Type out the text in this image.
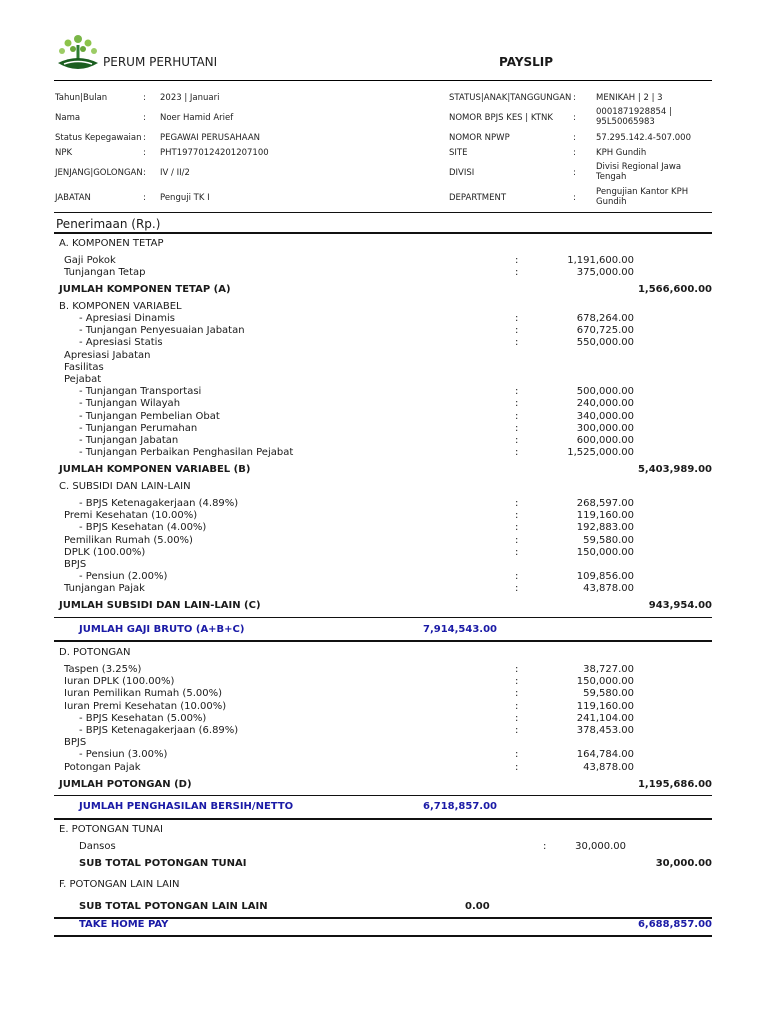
PERUM PERHUTANI	PAYSLIP
Tahun|Bulan	: 2023 | Januari
Nama	: Noer Hamid Arief
Status Kepegawaian : PEGAWAI PERUSAHAAN
NPK	: PHT19770124201207100
JENJANG|GOLONGAN : IV / II/2
JABATAN	: Penguji TK I
STATUS|ANAK|TANGGUNGAN : MENIKAH | 2 | 3
NOMOR BPJS KES | KTNK :
0001871928854 | 95L50065983
NOMOR NPWP	: 57.295.142.4-507.000
SITE	: KPH Gundih
DIVISI	:
Divisi Regional Jawa Tengah
DEPARTMENT	:
Pengujian Kantor KPH Gundih
Penerimaan (Rp.)
A. KOMPONEN TETAP
Gaji Pokok	:	1,191,600.00
Tunjangan Tetap	:	375,000.00
JUMLAH KOMPONEN TETAP (A)	1,566,600.00
B. KOMPONEN VARIABEL
- Apresiasi Dinamis	:	678,264.00
- Tunjangan Penyesuaian Jabatan	:	670,725.00
- Apresiasi Statis	:	550,000.00
Apresiasi Jabatan
Fasilitas
Pejabat
- Tunjangan Transportasi	:	500,000.00
- Tunjangan Wilayah	:	240,000.00
- Tunjangan Pembelian Obat	:	340,000.00
- Tunjangan Perumahan	:	300,000.00
- Tunjangan Jabatan	:	600,000.00
- Tunjangan Perbaikan Penghasilan Pejabat	:	1,525,000.00
JUMLAH KOMPONEN VARIABEL (B)	5,403,989.00
C. SUBSIDI DAN LAIN-LAIN
- BPJS Ketenagakerjaan (4.89%)	:	268,597.00
Premi Kesehatan (10.00%)	:	119,160.00
- BPJS Kesehatan (4.00%)	:	192,883.00
Pemilikan Rumah (5.00%)	:	59,580.00
DPLK (100.00%)	:	150,000.00
BPJS
- Pensiun (2.00%)	:	109,856.00
Tunjangan Pajak	:	43,878.00
JUMLAH SUBSIDI DAN LAIN-LAIN (C)	943,954.00
JUMLAH GAJI BRUTO (A+B+C)	7,914,543.00
D. POTONGAN
Taspen (3.25%)	:	38,727.00
Iuran DPLK (100.00%)	:	150,000.00
Iuran Pemilikan Rumah (5.00%)	:	59,580.00
Iuran Premi Kesehatan (10.00%)	:	119,160.00
- BPJS Kesehatan (5.00%)	:	241,104.00
- BPJS Ketenagakerjaan (6.89%)	:	378,453.00
BPJS
- Pensiun (3.00%)	:	164,784.00
Potongan Pajak	:	43,878.00
JUMLAH POTONGAN (D)	1,195,686.00
JUMLAH PENGHASILAN BERSIH/NETTO	6,718,857.00
E. POTONGAN TUNAI
Dansos	:	30,000.00
SUB TOTAL POTONGAN TUNAI	30,000.00
F. POTONGAN LAIN LAIN
SUB TOTAL POTONGAN LAIN LAIN	0.00
TAKE HOME PAY	6,688,857.00
